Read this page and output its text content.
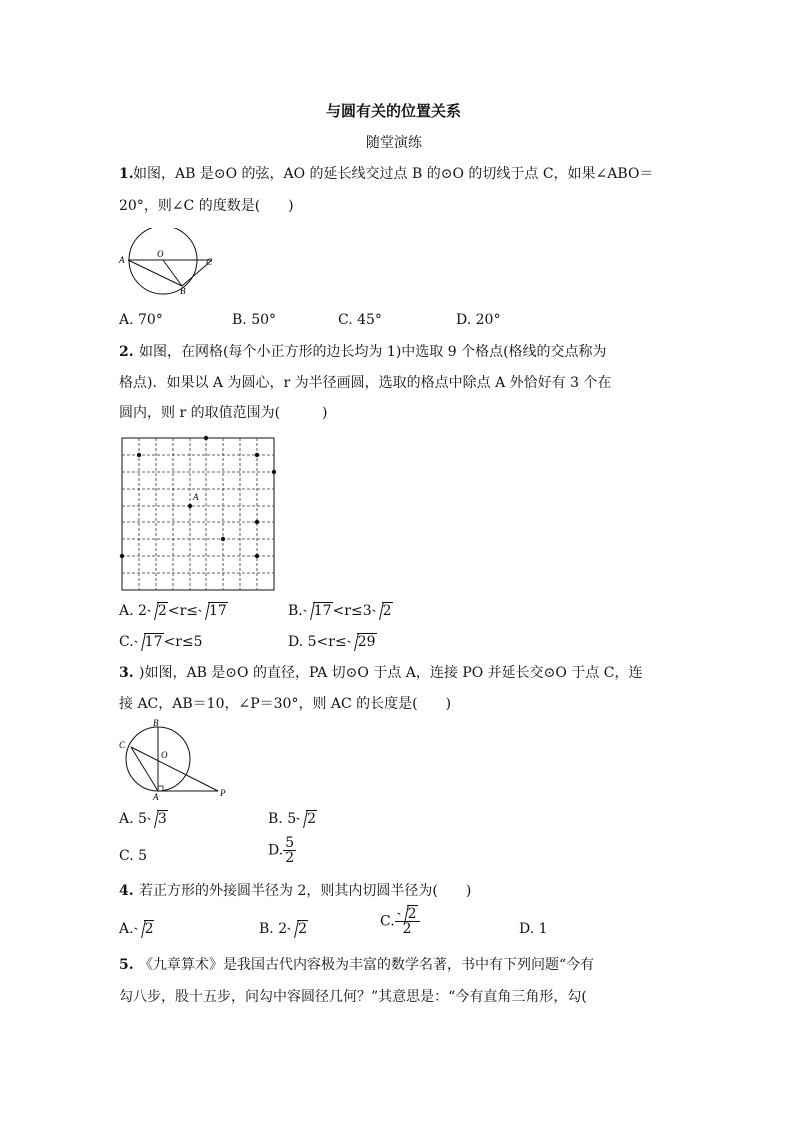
与圆有关的位置关系
随堂演练
1. 如图，AB 是⊙O 的弦，AO 的延长线交过点 B 的⊙O 的切线于点 C，如果∠ABO＝
20°，则∠C 的度数是(　　)
A
O
C
B
A. 70°	B. 50°	C. 45°	D. 20°
2. 如图，在网格(每个小正方形的边长均为 1)中选取 9 个格点(格线的交点称为
格点)．如果以 A 为圆心，r 为半径画圆，选取的格点中除点 A 外恰好有 3 个在
圆内，则 r 的取值范围为(　　　)
A
A. 2 2<r≤ 17	B. 17<r≤3 2
C. 17<r≤5	D. 5<r≤ 29
3. )如图，AB 是⊙O 的直径，PA 切⊙O 于点 A，连接 PO 并延长交⊙O 于点 C，连
接 AC，AB＝10，∠P＝30°，则 AC 的长度是(　　)
B
C
O
A	P
A. 5 3	B. 5 2
C. 5	D. $\frac{5}{2}$
4. 若正方形的外接圆半径为 2，则其内切圆半径为(　　)
A. 2	B. 2 2	C. $\frac{2}{2}$	D. 1
5. 《九章算术》是我国古代内容极为丰富的数学名著，书中有下列问题“今有
勾八步，股十五步，问勾中容圆径几何？”其意思是：“今有直角三角形，勾(
